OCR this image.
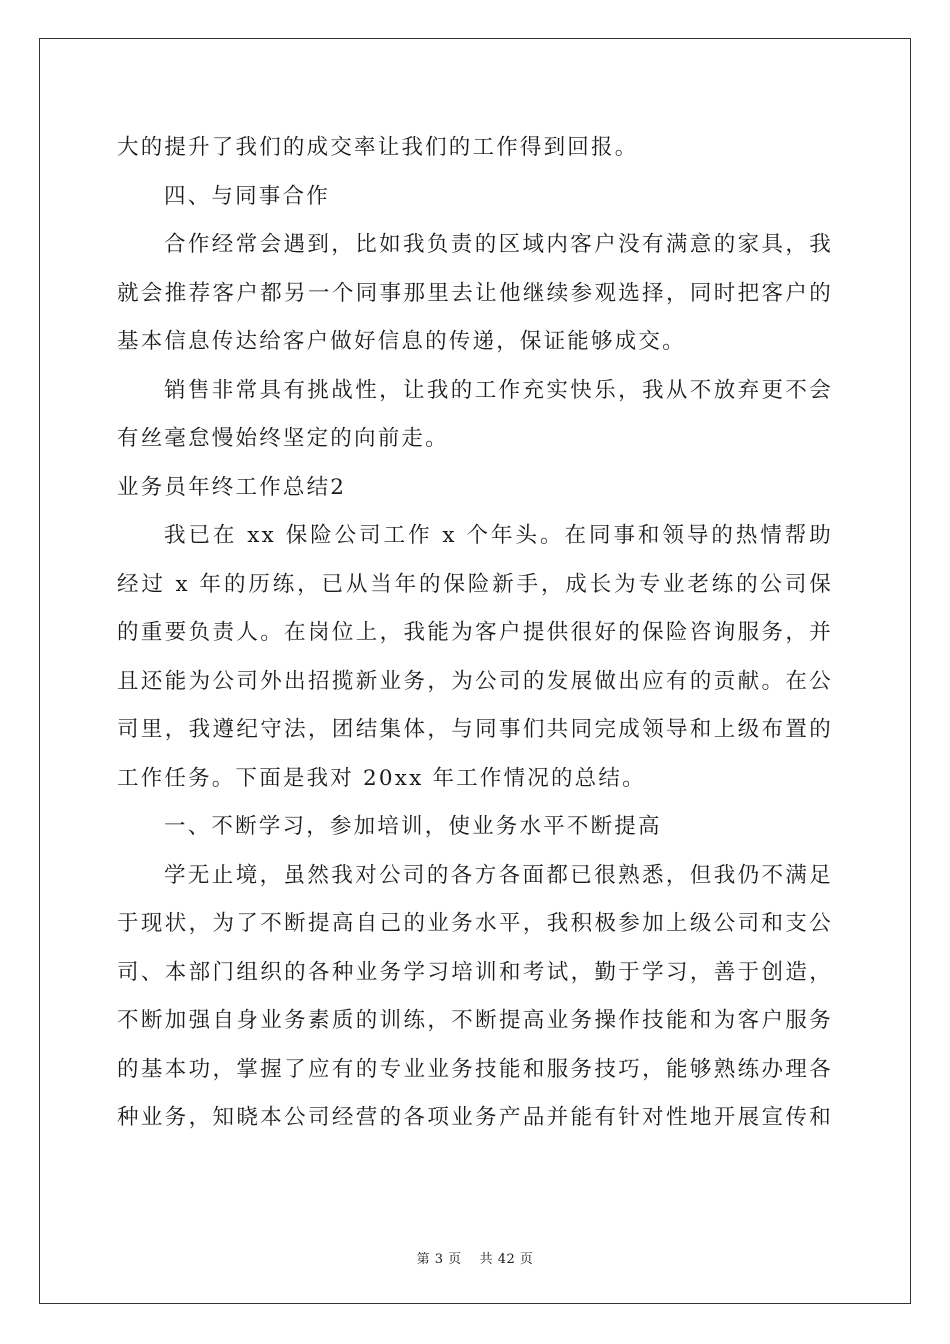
大的提升了我们的成交率让我们的工作得到回报。
四、与同事合作
合作经常会遇到，比如我负责的区域内客户没有满意的家具，我
就会推荐客户都另一个同事那里去让他继续参观选择，同时把客户的
基本信息传达给客户做好信息的传递，保证能够成交。
销售非常具有挑战性，让我的工作充实快乐，我从不放弃更不会
有丝毫怠慢始终坚定的向前走。
业务员年终工作总结2
我已在 xx 保险公司工作 x 个年头。在同事和领导的热情帮助
经过 x 年的历练，已从当年的保险新手，成长为专业老练的公司保
的重要负责人。在岗位上，我能为客户提供很好的保险咨询服务，并
且还能为公司外出招揽新业务，为公司的发展做出应有的贡献。在公
司里，我遵纪守法，团结集体，与同事们共同完成领导和上级布置的
工作任务。下面是我对 20xx 年工作情况的总结。
一、不断学习，参加培训，使业务水平不断提高
学无止境，虽然我对公司的各方各面都已很熟悉，但我仍不满足
于现状，为了不断提高自己的业务水平，我积极参加上级公司和支公
司、本部门组织的各种业务学习培训和考试，勤于学习，善于创造，
不断加强自身业务素质的训练，不断提高业务操作技能和为客户服务
的基本功，掌握了应有的专业业务技能和服务技巧，能够熟练办理各
种业务，知晓本公司经营的各项业务产品并能有针对性地开展宣传和
第 3 页 共 42 页
